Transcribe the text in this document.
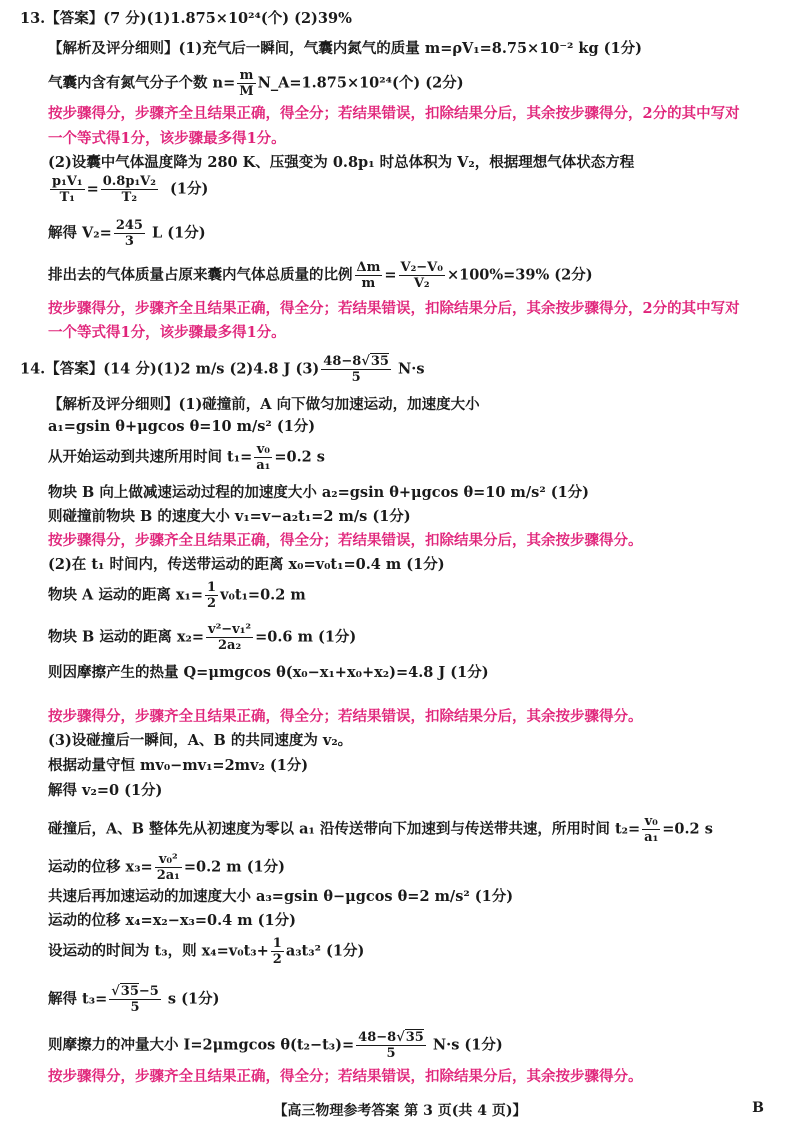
13.【答案】(7 分)(1)1.875×10²⁴(个) (2)39%
【解析及评分细则】(1)充气后一瞬间，气囊内氮气的质量 m=ρV₁=8.75×10⁻² kg (1分)
气囊内含有氮气分子个数 $n= \frac{m}{M}$ N_A=1.875×10²⁴(个) (2分)
按步骤得分，步骤齐全且结果正确，得全分；若结果错误，扣除结果分后，其余按步骤得分，2分的其中写对
一个等式得1分，该步骤最多得1分。
(2)设囊中气体温度降为 280 K、压强变为 0.8p₁ 时总体积为 V₂，根据理想气体状态方程
$\frac{\text{p₁V₁}}{\text{T₁}} = \frac{\text{0.8p₁V₂}}{\text{T₂}} (1$分)
解得 $V_2= \frac{245}{3}$ L (1分)
排出去的气体质量占原来囊内气体总质量的比例 $\frac{\Delta m}{m} = \frac{\text{V₂−V₀}}{\text{V₂}} \times 100\%=39\%$ (2分)
按步骤得分，步骤齐全且结果正确，得全分；若结果错误，扣除结果分后，其余按步骤得分，2分的其中写对
一个等式得1分，该步骤最多得1分。
14.【答案】(14 分)(1)2 m/s (2)4.8 J $(3) \frac{48-8√35}{5} N\cdot s$
【解析及评分细则】(1)碰撞前，A 向下做匀加速运动，加速度大小
a₁=gsin θ+μgcos θ=10 m/s² (1分)
从开始运动到共速所用时间 $t_1= \frac{\text{v₀}}{\text{a₁}} =0.2$ s
物块 B 向上做减速运动过程的加速度大小 a₂=gsin θ+μgcos θ=10 m/s² (1分)
则碰撞前物块 B 的速度大小 v₁=v−a₂t₁=2 m/s (1分)
按步骤得分，步骤齐全且结果正确，得全分；若结果错误，扣除结果分后，其余按步骤得分。
(2)在 t₁ 时间内，传送带运动的距离 x₀=v₀t₁=0.4 m (1分)
物块 A 运动的距离 $x_1= \frac{1}{2} v_0t_1=0.2$ m
物块 B 运动的距离 $x_2= \frac{\text{v²−v₁²}}{\text{2a₂}} =0.6$ m (1分)
则因摩擦产生的热量 Q=μmgcos θ(x₀−x₁+x₀+x₂)=4.8 J (1分)
按步骤得分，步骤齐全且结果正确，得全分；若结果错误，扣除结果分后，其余按步骤得分。
(3)设碰撞后一瞬间，A、B 的共同速度为 v₂。
根据动量守恒 mv₀−mv₁=2mv₂ (1分)
解得 v₂=0 (1分)
碰撞后，A、B 整体先从初速度为零以 a₁ 沿传送带向下加速到与传送带共速，所用时间 $t_2= \frac{\text{v₀}}{\text{a₁}} =0.2$ s
运动的位移 $x_3= \frac{\text{v₀²}}{\text{2a₁}} =0.2$ m (1分)
共速后再加速运动的加速度大小 a₃=gsin θ−μgcos θ=2 m/s² (1分)
运动的位移 x₄=x₂−x₃=0.4 m (1分)
设运动的时间为 t₃，则 $x_4=v_0t_3+ \frac{1}{2} a_3t_3^2$ (1分)
解得 $t_3= \frac{√35-5}{5}$ s (1分)
则摩擦力的冲量大小 I=2μmgcos $\theta(t_2-t_3)= \frac{48-8√35}{5} N\cdot s$ (1分)
按步骤得分，步骤齐全且结果正确，得全分；若结果错误，扣除结果分后，其余按步骤得分。
【高三物理参考答案 第 3 页(共 4 页)】	B
